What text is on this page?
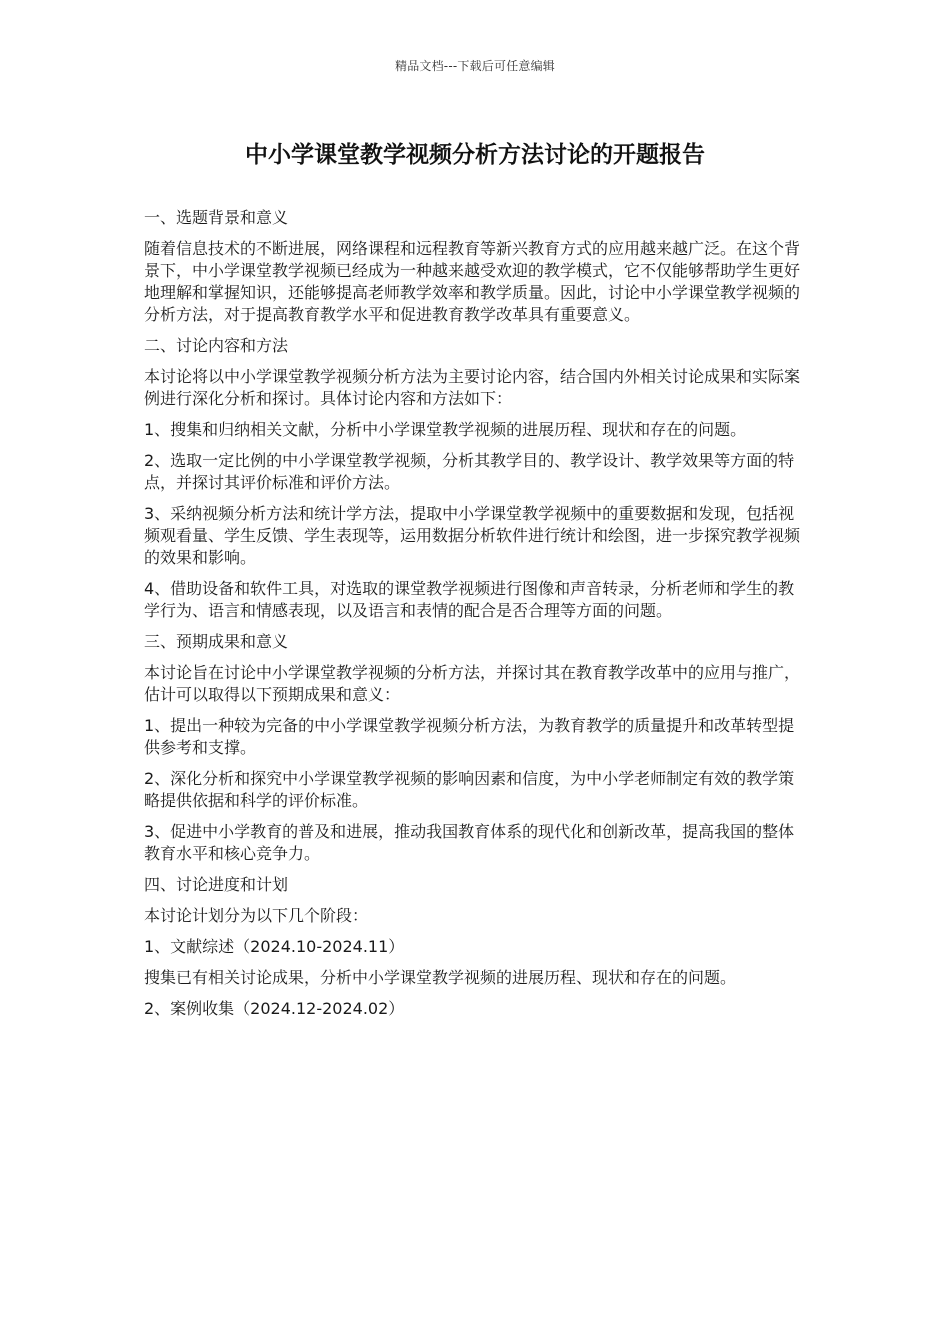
精品文档---下载后可任意编辑
中小学课堂教学视频分析方法讨论的开题报告

一、选题背景和意义

随着信息技术的不断进展，网络课程和远程教育等新兴教育方式的应用越来越广泛。在这个背景下，中小学课堂教学视频已经成为一种越来越受欢迎的教学模式，它不仅能够帮助学生更好地理解和掌握知识，还能够提高老师教学效率和教学质量。因此，讨论中小学课堂教学视频的分析方法，对于提高教育教学水平和促进教育教学改革具有重要意义。

二、讨论内容和方法

本讨论将以中小学课堂教学视频分析方法为主要讨论内容，结合国内外相关讨论成果和实际案例进行深化分析和探讨。具体讨论内容和方法如下：

1、搜集和归纳相关文献，分析中小学课堂教学视频的进展历程、现状和存在的问题。

2、选取一定比例的中小学课堂教学视频，分析其教学目的、教学设计、教学效果等方面的特点，并探讨其评价标准和评价方法。

3、采纳视频分析方法和统计学方法，提取中小学课堂教学视频中的重要数据和发现，包括视频观看量、学生反馈、学生表现等，运用数据分析软件进行统计和绘图，进一步探究教学视频的效果和影响。

4、借助设备和软件工具，对选取的课堂教学视频进行图像和声音转录，分析老师和学生的教学行为、语言和情感表现，以及语言和表情的配合是否合理等方面的问题。

三、预期成果和意义

本讨论旨在讨论中小学课堂教学视频的分析方法，并探讨其在教育教学改革中的应用与推广，估计可以取得以下预期成果和意义：

1、提出一种较为完备的中小学课堂教学视频分析方法，为教育教学的质量提升和改革转型提供参考和支撑。

2、深化分析和探究中小学课堂教学视频的影响因素和信度，为中小学老师制定有效的教学策略提供依据和科学的评价标准。

3、促进中小学教育的普及和进展，推动我国教育体系的现代化和创新改革，提高我国的整体教育水平和核心竞争力。

四、讨论进度和计划

本讨论计划分为以下几个阶段：

1、文献综述（2024.10-2024.11）

搜集已有相关讨论成果，分析中小学课堂教学视频的进展历程、现状和存在的问题。

2、案例收集（2024.12-2024.02）
